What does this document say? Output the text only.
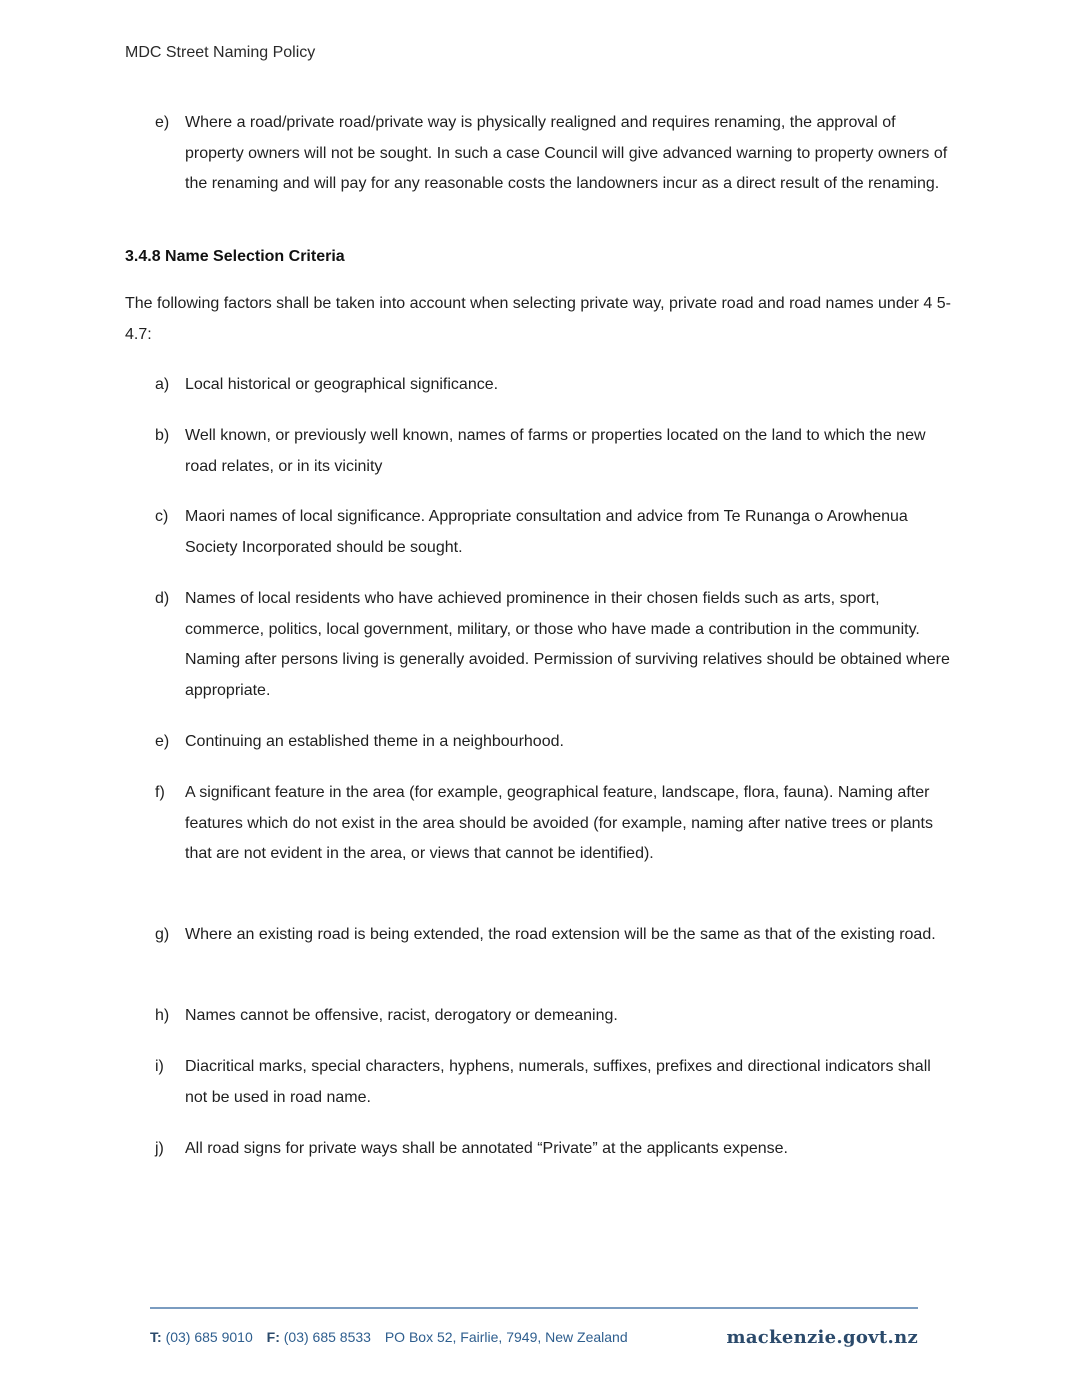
MDC Street Naming Policy
e) Where a road/private road/private way is physically realigned and requires renaming, the approval of property owners will not be sought. In such a case Council will give advanced warning to property owners of the renaming and will pay for any reasonable costs the landowners incur as a direct result of the renaming.
3.4.8 Name Selection Criteria
The following factors shall be taken into account when selecting private way, private road and road names under 4 5-4.7:
a) Local historical or geographical significance.
b) Well known, or previously well known, names of farms or properties located on the land to which the new road relates, or in its vicinity
c) Maori names of local significance. Appropriate consultation and advice from Te Runanga o Arowhenua Society Incorporated should be sought.
d) Names of local residents who have achieved prominence in their chosen fields such as arts, sport, commerce, politics, local government, military, or those who have made a contribution in the community. Naming after persons living is generally avoided. Permission of surviving relatives should be obtained where appropriate.
e) Continuing an established theme in a neighbourhood.
f) A significant feature in the area (for example, geographical feature, landscape, flora, fauna). Naming after features which do not exist in the area should be avoided (for example, naming after native trees or plants that are not evident in the area, or views that cannot be identified).
g) Where an existing road is being extended, the road extension will be the same as that of the existing road.
h) Names cannot be offensive, racist, derogatory or demeaning.
i) Diacritical marks, special characters, hyphens, numerals, suffixes, prefixes and directional indicators shall not be used in road name.
j) All road signs for private ways shall be annotated “Private” at the applicants expense.
T: (03) 685 9010 F: (03) 685 8533 PO Box 52, Fairlie, 7949, New Zealand	mackenzie.govt.nz
